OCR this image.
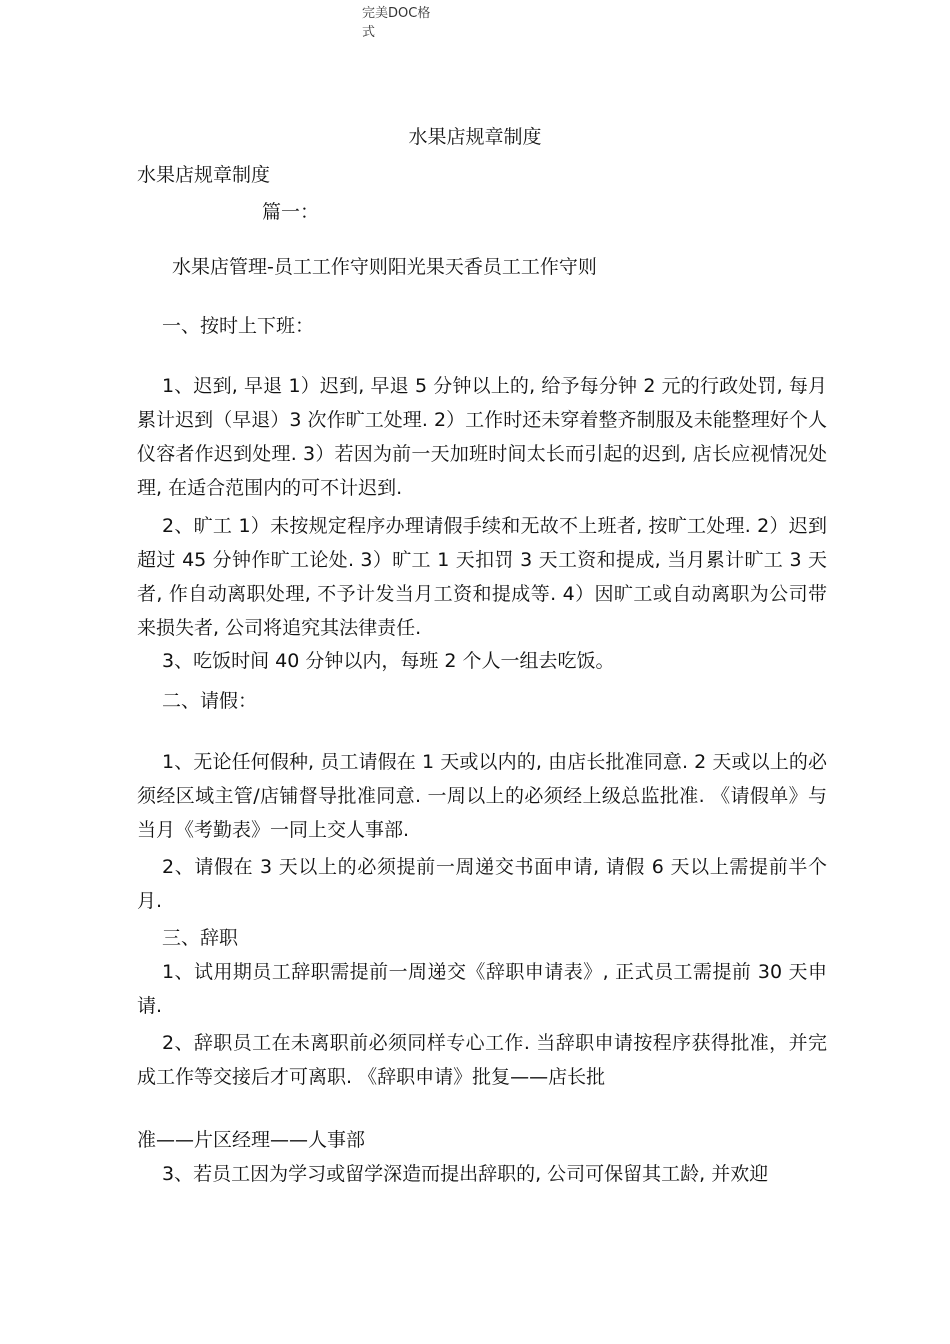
完美DOC格式
水果店规章制度
水果店规章制度
篇一：
水果店管理-员工工作守则阳光果天香员工工作守则
一、按时上下班：
1、迟到, 早退 1）迟到, 早退 5 分钟以上的, 给予每分钟 2 元的行政处罚, 每月累计迟到（早退）3 次作旷工处理. 2）工作时还未穿着整齐制服及未能整理好个人仪容者作迟到处理. 3）若因为前一天加班时间太长而引起的迟到, 店长应视情况处理, 在适合范围内的可不计迟到.
2、旷工 1）未按规定程序办理请假手续和无故不上班者, 按旷工处理. 2）迟到超过 45 分钟作旷工论处. 3）旷工 1 天扣罚 3 天工资和提成, 当月累计旷工 3 天者, 作自动离职处理, 不予计发当月工资和提成等. 4）因旷工或自动离职为公司带来损失者, 公司将追究其法律责任.
3、吃饭时间 40 分钟以内，每班 2 个人一组去吃饭。
二、请假：
1、无论任何假种, 员工请假在 1 天或以内的, 由店长批准同意. 2 天或以上的必须经区域主管/店铺督导批准同意. 一周以上的必须经上级总监批准. 《请假单》与当月《考勤表》一同上交人事部.
2、请假在 3 天以上的必须提前一周递交书面申请, 请假 6 天以上需提前半个月.
三、辞职
1、试用期员工辞职需提前一周递交《辞职申请表》, 正式员工需提前 30 天申请.
2、辞职员工在未离职前必须同样专心工作. 当辞职申请按程序获得批准，并完成工作等交接后才可离职. 《辞职申请》批复——店长批
准——片区经理——人事部
3、若员工因为学习或留学深造而提出辞职的, 公司可保留其工龄, 并欢迎
